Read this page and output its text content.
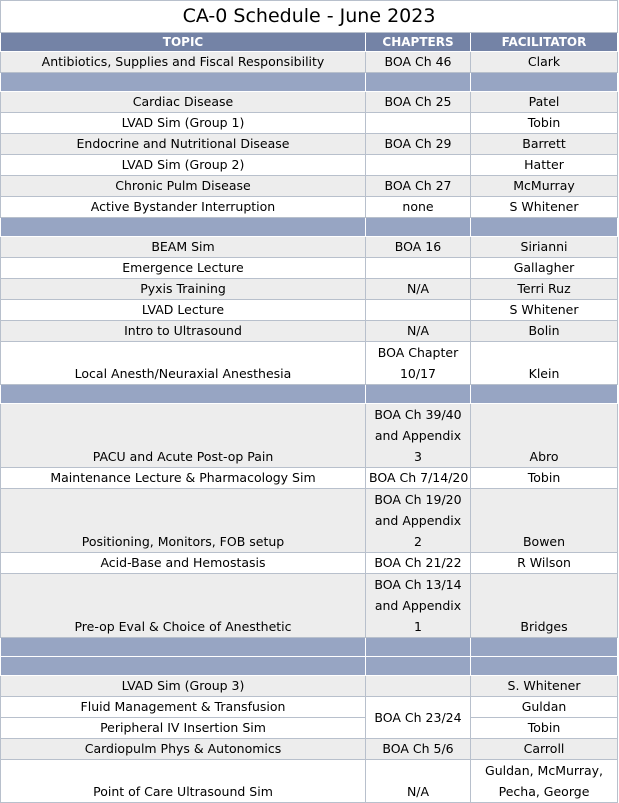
CA-0 Schedule - June 2023		
TOPIC	CHAPTERS	FACILITATOR
Antibiotics, Supplies and Fiscal Responsibility	BOA Ch 46	Clark

Cardiac Disease	BOA Ch 25	Patel
LVAD Sim (Group 1)		Tobin
Endocrine and Nutritional Disease	BOA Ch 29	Barrett
LVAD Sim (Group 2)		Hatter
Chronic Pulm Disease	BOA Ch 27	McMurray
Active Bystander Interruption	none	S Whitener

BEAM Sim	BOA 16	Sirianni
Emergence Lecture		Gallagher
Pyxis Training	N/A	Terri Ruz
LVAD Lecture		S Whitener
Intro to Ultrasound	N/A	Bolin
Local Anesth/Neuraxial Anesthesia	BOA Chapter 10/17	Klein

PACU and Acute Post-op Pain	BOA Ch 39/40 and Appendix 3	Abro
Maintenance Lecture & Pharmacology Sim	BOA Ch 7/14/20	Tobin
Positioning, Monitors, FOB setup	BOA Ch 19/20 and Appendix 2	Bowen
Acid-Base and Hemostasis	BOA Ch 21/22	R Wilson
Pre-op Eval & Choice of Anesthetic	BOA Ch 13/14 and Appendix 1	Bridges

LVAD Sim (Group 3)		S. Whitener
Fluid Management & Transfusion	BOA Ch 23/24	Guldan
Peripheral IV Insertion Sim		Tobin
Cardiopulm Phys & Autonomics	BOA Ch 5/6	Carroll
Point of Care Ultrasound Sim	N/A	Guldan, McMurray, Pecha, George
